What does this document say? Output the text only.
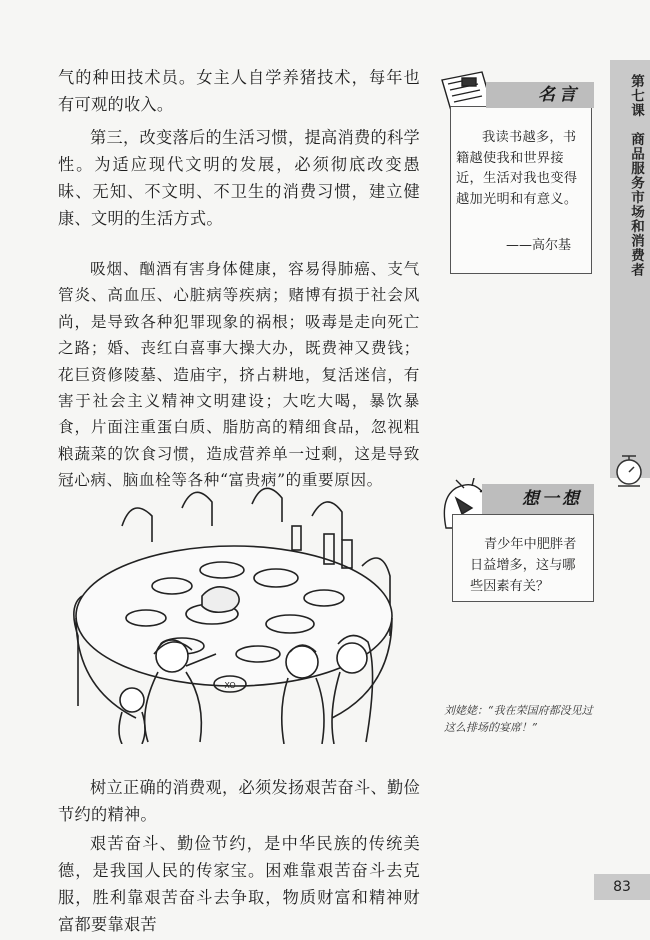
气的种田技术员。女主人自学养猪技术，每年也有可观的收入。

第三，改变落后的生活习惯，提高消费的科学性。为适应现代文明的发展，必须彻底改变愚昧、无知、不文明、不卫生的消费习惯，建立健康、文明的生活方式。

吸烟、酗酒有害身体健康，容易得肺癌、支气管炎、高血压、心脏病等疾病；赌博有损于社会风尚，是导致各种犯罪现象的祸根；吸毒是走向死亡之路；婚、丧红白喜事大操大办，既费神又费钱；花巨资修陵墓、造庙宇，挤占耕地，复活迷信，有害于社会主义精神文明建设；大吃大喝，暴饮暴食，片面注重蛋白质、脂肪高的精细食品，忽视粗粮蔬菜的饮食习惯，造成营养单一过剩，这是导致冠心病、脑血栓等各种“富贵病”的重要原因。

XO

树立正确的消费观，必须发扬艰苦奋斗、勤俭节约的精神。

艰苦奋斗、勤俭节约，是中华民族的传统美德，是我国人民的传家宝。困难靠艰苦奋斗去克服，胜利靠艰苦奋斗去争取，物质财富和精神财富都要靠艰苦

第七课　商品服务市场和消费者
名言

我读书越多，书籍越使我和世界接近，生活对我也变得越加光明和有意义。

——高尔基
想一想

青少年中肥胖者日益增多，这与哪些因素有关？

刘姥姥：“我在荣国府都没见过这么排场的宴席！”

83
